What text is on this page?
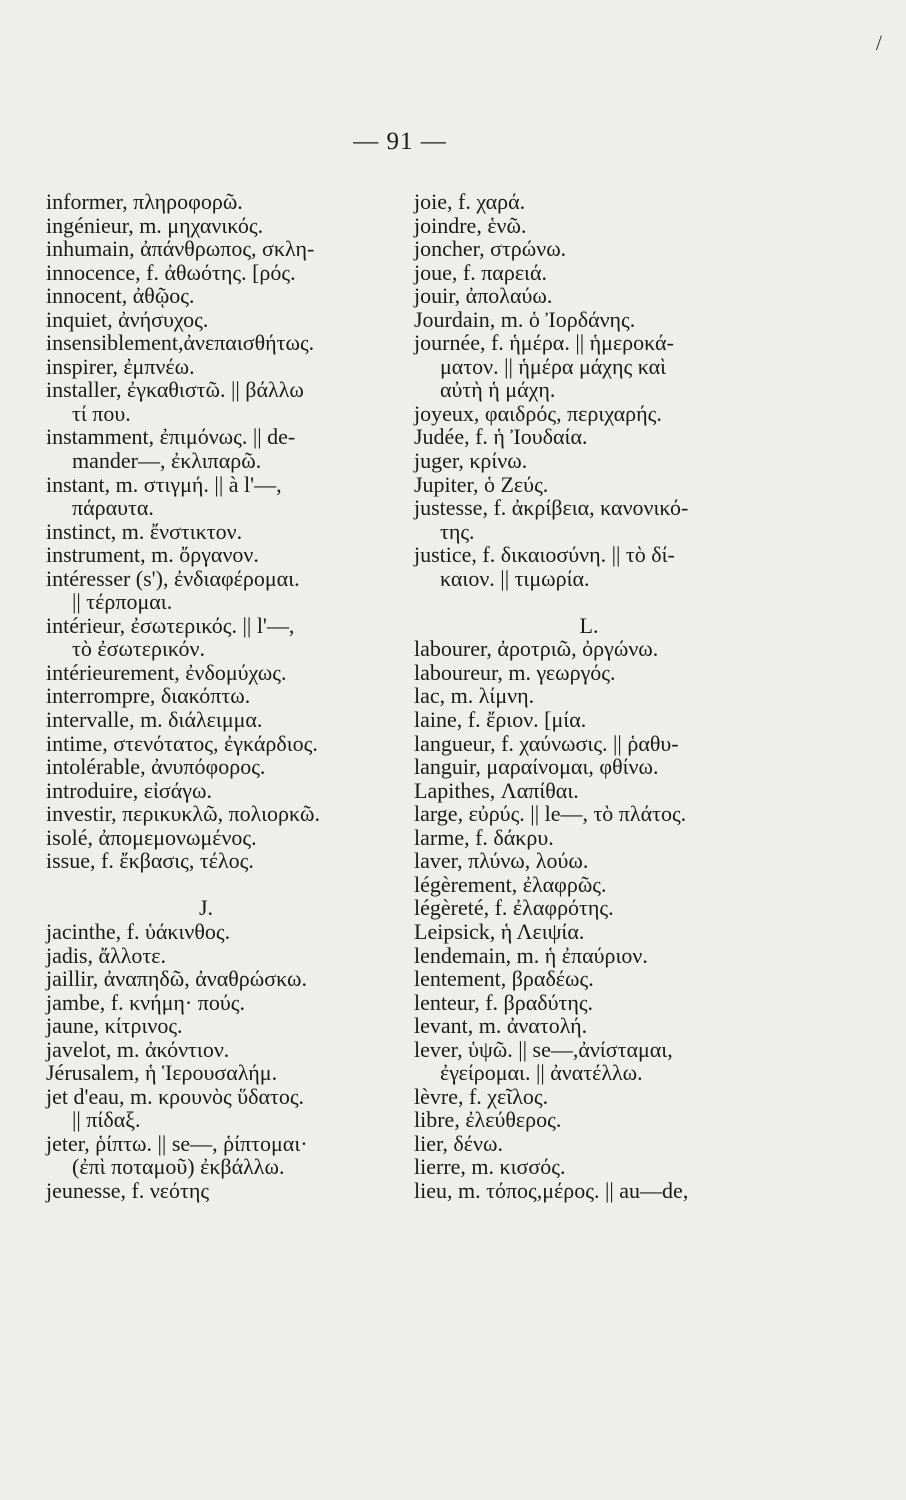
/
— 91 —
informer, πληροφορῶ.
ingénieur, m. μηχανικός.
inhumain, ἀπάνθρωπος, σκλη-
innocence, f. ἀθωότης. [ρός.
innocent, ἀθῷος.
inquiet, ἀνήσυχος.
insensiblement,ἀνεπαισθήτως.
inspirer, ἐμπνέω.
installer, ἐγκαθιστῶ. || βάλλω
τί που.
instamment, ἐπιμόνως. || de-
mander—, ἐκλιπαρῶ.
instant, m. στιγμή. || à l'—,
πάραυτα.
instinct, m. ἔνστικτον.
instrument, m. ὄργανον.
intéresser (s'), ἐνδιαφέρομαι.
|| τέρπομαι.
intérieur, ἐσωτερικός. || l'—,
τὸ ἐσωτερικόν.
intérieurement, ἐνδομύχως.
interrompre, διακόπτω.
intervalle, m. διάλειμμα.
intime, στενότατος, ἐγκάρδιος.
intolérable, ἀνυπόφορος.
introduire, εἰσάγω.
investir, περικυκλῶ, πολιορκῶ.
isolé, ἀπομεμονωμένος.
issue, f. ἔκβασις, τέλος.
J.
jacinthe, f. ὑάκινθος.
jadis, ἄλλοτε.
jaillir, ἀναπηδῶ, ἀναθρώσκω.
jambe, f. κνήμη· πούς.
jaune, κίτρινος.
javelot, m. ἀκόντιον.
Jérusalem, ἡ Ἱερουσαλήμ.
jet d'eau, m. κρουνὸς ὕδατος.
|| πίδαξ.
jeter, ῥίπτω. || se—, ῥίπτομαι·
(ἐπὶ ποταμοῦ) ἐκβάλλω.
jeunesse, f. νεότης
joie, f. χαρά.
joindre, ἑνῶ.
joncher, στρώνω.
joue, f. παρειά.
jouir, ἀπολαύω.
Jourdain, m. ὁ Ἰορδάνης.
journée, f. ἡμέρα. || ἡμεροκά-
ματον. || ἡμέρα μάχης καὶ
αὐτὴ ἡ μάχη.
joyeux, φαιδρός, περιχαρής.
Judée, f. ἡ Ἰουδαία.
juger, κρίνω.
Jupiter, ὁ Ζεύς.
justesse, f. ἀκρίβεια, κανονικό-
της.
justice, f. δικαιοσύνη. || τὸ δί-
καιον. || τιμωρία.
L.
labourer, ἀροτριῶ, ὀργώνω.
laboureur, m. γεωργός.
lac, m. λίμνη.
laine, f. ἔριον. [μία.
langueur, f. χαύνωσις. || ῥαθυ-
languir, μαραίνομαι, φθίνω.
Lapithes, Λαπίθαι.
large, εὐρύς. || le—, τὸ πλάτος.
larme, f. δάκρυ.
laver, πλύνω, λούω.
légèrement, ἐλαφρῶς.
légèreté, f. ἐλαφρότης.
Leipsick, ἡ Λειψία.
lendemain, m. ἡ ἐπαύριον.
lentement, βραδέως.
lenteur, f. βραδύτης.
levant, m. ἀνατολή.
lever, ὑψῶ. || se—,ἀνίσταμαι,
ἐγείρομαι. || ἀνατέλλω.
lèvre, f. χεῖλος.
libre, ἐλεύθερος.
lier, δένω.
lierre, m. κισσός.
lieu, m. τόπος,μέρος. || au—de,
